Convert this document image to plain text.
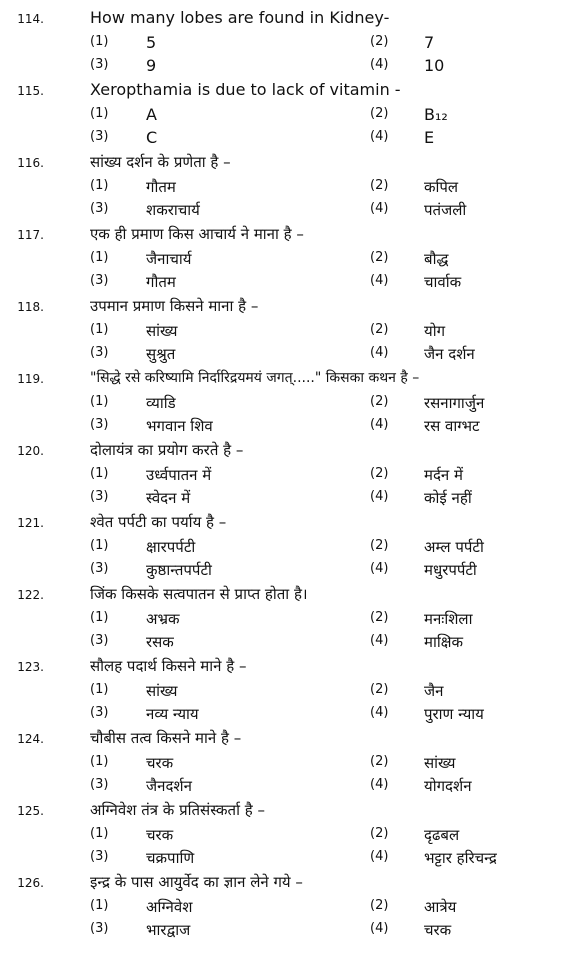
114.	How many lobes are found in Kidney-
(1) 5	(2) 7
(3) 9	(4) 10
115.	Xeropthamia is due to lack of vitamin -
(1) A	(2) B₁₂
(3) C	(4) E
116.	सांख्य दर्शन के प्रणेता है –
(1)	गौतम	(2) कपिल
(3)	शकराचार्य	(4) पतंजली
117.	एक ही प्रमाण किस आचार्य ने माना है –
(1)	जैनाचार्य	(2) बौद्ध
(3)	गौतम	(4) चार्वाक
118.	उपमान प्रमाण किसने माना है –
(1)	सांख्य	(2) योग
(3)	सुश्रुत	(4) जैन दर्शन
119.	"सिद्धे रसे करिष्यामि निर्दारिद्रयमयं जगत्....." किसका कथन है –
(1)	व्याडि	(2) रसनागार्जुन
(3)	भगवान शिव	(4) रस वाग्भट
120.	दोलायंत्र का प्रयोग करते है –
(1)	उर्ध्वपातन में	(2) मर्दन में
(3)	स्वेदन में	(4) कोई नहीं
121.	श्वेत पर्पटी का पर्याय है –
(1)	क्षारपर्पटी	(2) अम्ल पर्पटी
(3)	कुष्ठान्तपर्पटी	(4) मधुरपर्पटी
122.	जिंक किसके सत्वपातन से प्राप्त होता है।
(1)	अभ्रक	(2) मनःशिला
(3)	रसक	(4) माक्षिक
123.	सौलह पदार्थ किसने माने है –
(1)	सांख्य	(2) जैन
(3)	नव्य न्याय	(4) पुराण न्याय
124.	चौबीस तत्व किसने माने है –
(1)	चरक	(2) सांख्य
(3)	जैनदर्शन	(4) योगदर्शन
125.	अग्निवेश तंत्र के प्रतिसंस्कर्ता है –
(1)	चरक	(2) दृढबल
(3)	चक्रपाणि	(4) भट्टार हरिचन्द्र
126.	इन्द्र के पास आयुर्वेद का ज्ञान लेने गये –
(1)	अग्निवेश	(2) आत्रेय
(3)	भारद्वाज	(4) चरक
